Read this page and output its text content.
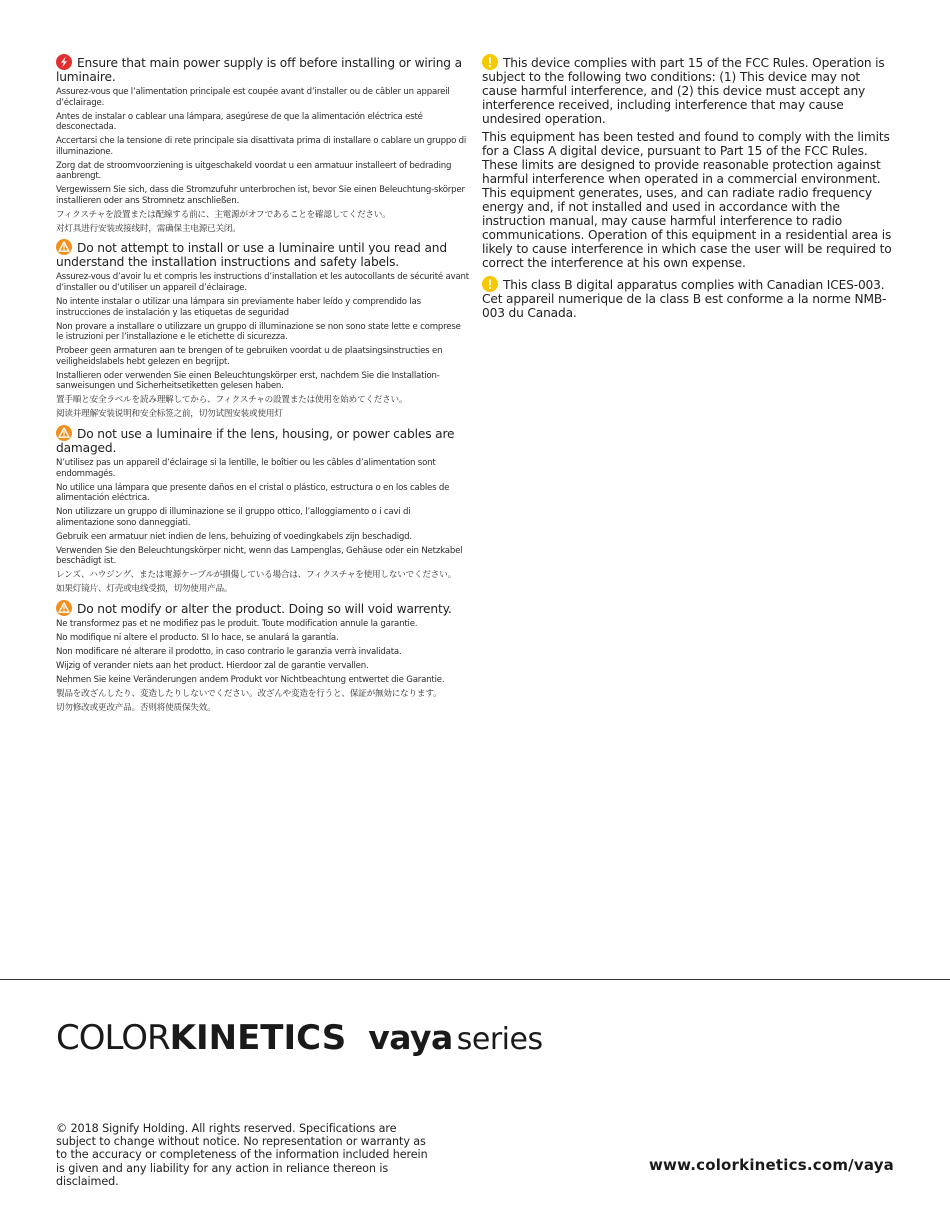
Ensure that main power supply is off before installing or wiring a luminaire.
Assurez-vous que l’alimentation principale est coupée avant d’installer ou de câbler un appareil d’éclairage.
Antes de instalar o cablear una lámpara, asegúrese de que la alimentación eléctrica esté desconectada.
Accertarsi che la tensione di rete principale sia disattivata prima di installare o cablare un gruppo di illuminazione.
Zorg dat de stroomvoorziening is uitgeschakeld voordat u een armatuur installeert of bedrading aanbrengt.
Vergewissern Sie sich, dass die Stromzufuhr unterbrochen ist, bevor Sie einen Beleuchtung-skörper installieren oder ans Stromnetz anschließen.
フィクスチャを設置または配線する前に、主電源がオフであることを確認してください。
对灯具进行安装或接线时，需确保主电源已关闭。
Do not attempt to install or use a luminaire until you read and understand the installation instructions and safety labels.
Assurez-vous d’avoir lu et compris les instructions d’installation et les autocollants de sécurité avant d’installer ou d’utiliser un appareil d’éclairage.
No intente instalar o utilizar una lámpara sin previamente haber leído y comprendido las instrucciones de instalación y las etiquetas de seguridad
Non provare a installare o utilizzare un gruppo di illuminazione se non sono state lette e comprese le istruzioni per l’installazione e le etichette di sicurezza.
Probeer geen armaturen aan te brengen of te gebruiken voordat u de plaatsingsinstructies en veiligheidslabels hebt gelezen en begrijpt.
Installieren oder verwenden Sie einen Beleuchtungskörper erst, nachdem Sie die Installation-sanweisungen und Sicherheitsetiketten gelesen haben.
置手順と安全ラベルを読み理解してから、フィクスチャの設置または使用を始めてください。
阅读并理解安装说明和安全标签之前，切勿试图安装或使用灯
Do not use a luminaire if the lens, housing, or power cables are damaged.
N’utilisez pas un appareil d’éclairage si la lentille, le boîtier ou les câbles d’alimentation sont endommagés.
No utilice una lámpara que presente daños en el cristal o plástico, estructura o en los cables de alimentación eléctrica.
Non utilizzare un gruppo di illuminazione se il gruppo ottico, l’alloggiamento o i cavi di alimentazione sono danneggiati.
Gebruik een armatuur niet indien de lens, behuizing of voedingkabels zijn beschadigd.
Verwenden Sie den Beleuchtungskörper nicht, wenn das Lampenglas, Gehäuse oder ein Netzkabel beschädigt ist.
レンズ、ハウジング、または電源ケーブルが損傷している場合は、フィクスチャを使用しないでください。
如果灯镜片、灯壳或电线受损，切勿使用产品。
Do not modify or alter the product. Doing so will void warrenty.
Ne transformez pas et ne modifiez pas le produit. Toute modification annule la garantie.
No modifique ni altere el producto. SI lo hace, se anulará la garantía.
Non modificare né alterare il prodotto, in caso contrario le garanzia verrà invalidata.
Wijzig of verander niets aan het product. Hierdoor zal de garantie vervallen.
Nehmen Sie keine Veränderungen andem Produkt vor Nichtbeachtung entwertet die Garantie.
製品を改ざんしたり、変造したりしないでください。改ざんや変造を行うと、保証が無効になります。
切勿修改或更改产品。否则将使质保失效。
This device complies with part 15 of the FCC Rules. Operation is subject to the following two conditions: (1) This device may not cause harmful interference, and (2) this device must accept any interference received, including interference that may cause undesired operation.
This equipment has been tested and found to comply with the limits for a Class A digital device, pursuant to Part 15 of the FCC Rules. These limits are designed to provide reasonable protection against harmful interference when operated in a commercial environment. This equipment generates, uses, and can radiate radio frequency energy and, if not installed and used in accordance with the instruction manual, may cause harmful interference to radio communications. Operation of this equipment in a residential area is likely to cause interference in which case the user will be required to correct the interference at his own expense.
This class B digital apparatus complies with Canadian ICES-003. Cet appareil numerique de la class B est conforme a la norme NMB-003 du Canada.
COLORKINETICS vaya series
© 2018 Signify Holding. All rights reserved. Specifications are subject to change without notice. No representation or warranty as to the accuracy or completeness of the information included herein is given and any liability for any action in reliance thereon is disclaimed.
www.colorkinetics.com/vaya
